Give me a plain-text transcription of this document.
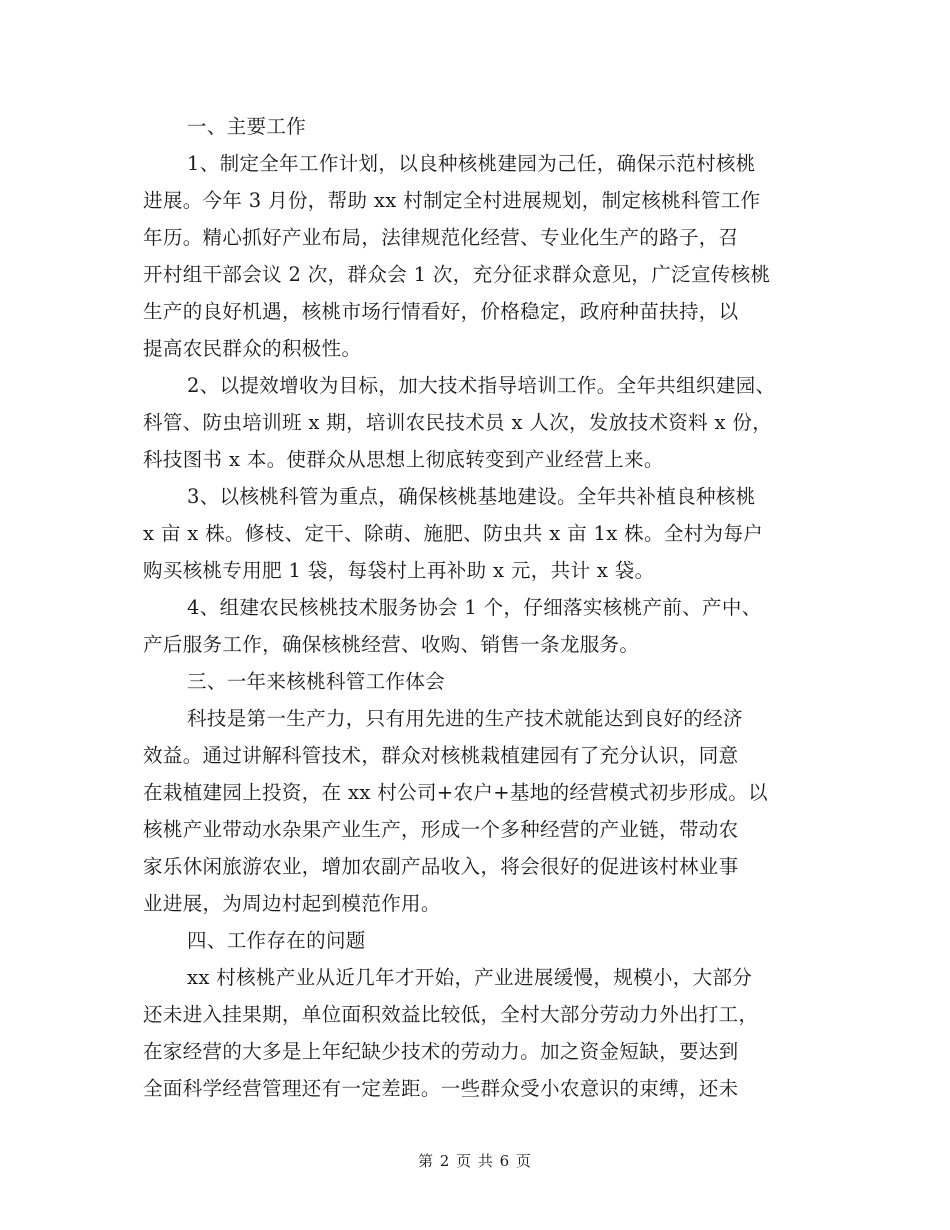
一、主要工作
1、制定全年工作计划，以良种核桃建园为己任，确保示范村核桃
进展。今年 3 月份，帮助 xx 村制定全村进展规划，制定核桃科管工作
年历。精心抓好产业布局，法律规范化经营、专业化生产的路子，召
开村组干部会议 2 次，群众会 1 次，充分征求群众意见，广泛宣传核桃
生产的良好机遇，核桃市场行情看好，价格稳定，政府种苗扶持，以
提高农民群众的积极性。
2、以提效增收为目标，加大技术指导培训工作。全年共组织建园、
科管、防虫培训班 x 期，培训农民技术员 x 人次，发放技术资料 x 份，
科技图书 x 本。使群众从思想上彻底转变到产业经营上来。
3、以核桃科管为重点，确保核桃基地建设。全年共补植良种核桃
x 亩 x 株。修枝、定干、除萌、施肥、防虫共 x 亩 1x 株。全村为每户
购买核桃专用肥 1 袋，每袋村上再补助 x 元，共计 x 袋。
4、组建农民核桃技术服务协会 1 个，仔细落实核桃产前、产中、
产后服务工作，确保核桃经营、收购、销售一条龙服务。
三、一年来核桃科管工作体会
科技是第一生产力，只有用先进的生产技术就能达到良好的经济
效益。通过讲解科管技术，群众对核桃栽植建园有了充分认识，同意
在栽植建园上投资，在 xx 村公司+农户+基地的经营模式初步形成。以
核桃产业带动水杂果产业生产，形成一个多种经营的产业链，带动农
家乐休闲旅游农业，增加农副产品收入，将会很好的促进该村林业事
业进展，为周边村起到模范作用。
四、工作存在的问题
xx 村核桃产业从近几年才开始，产业进展缓慢，规模小，大部分
还未进入挂果期，单位面积效益比较低，全村大部分劳动力外出打工，
在家经营的大多是上年纪缺少技术的劳动力。加之资金短缺，要达到
全面科学经营管理还有一定差距。一些群众受小农意识的束缚，还未
第 2 页 共 6 页
